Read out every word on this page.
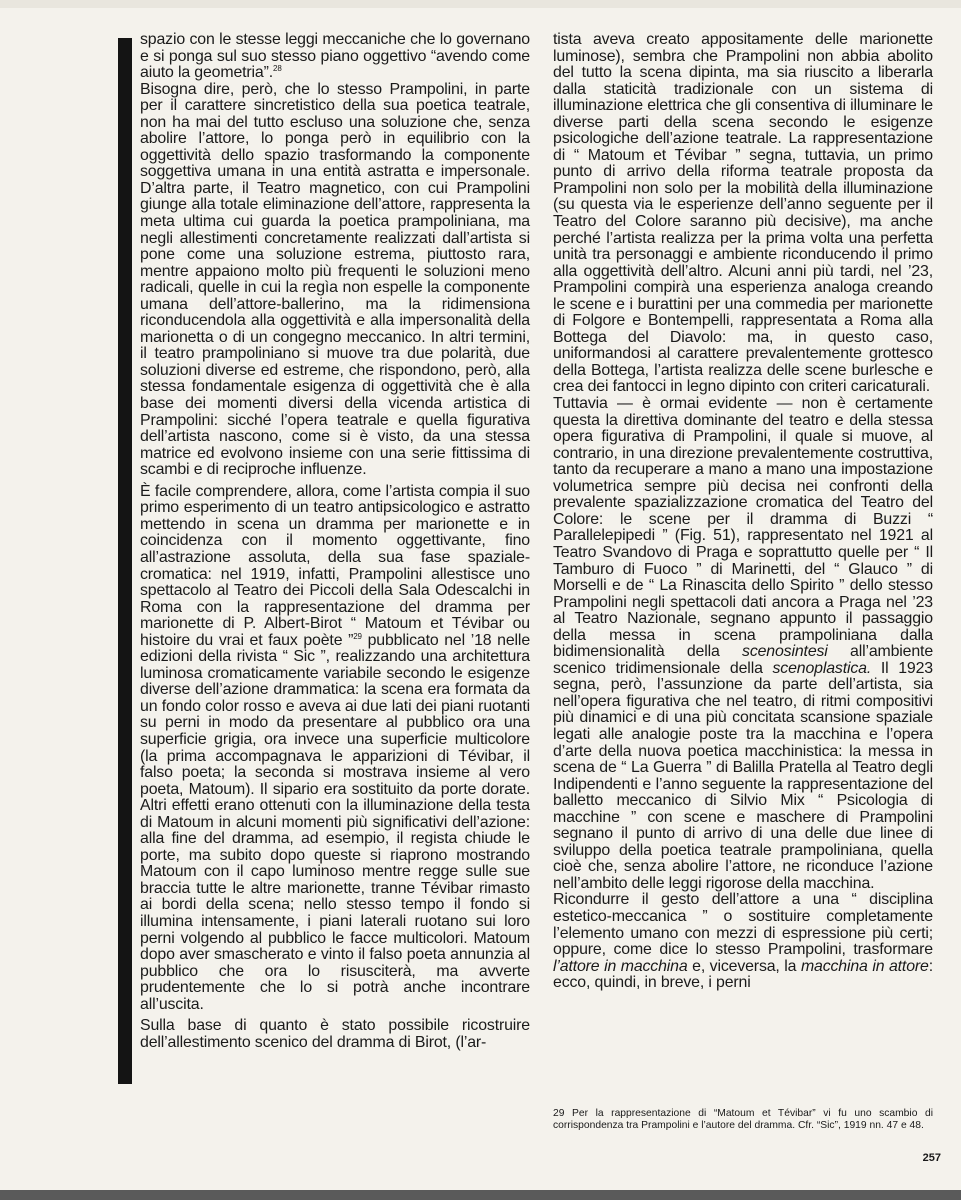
spazio con le stesse leggi meccaniche che lo governano e si ponga sul suo stesso piano oggettivo “avendo come aiuto la geometria”.$^{28}$

Bisogna dire, però, che lo stesso Prampolini, in parte per il carattere sincretistico della sua poetica teatrale, non ha mai del tutto escluso una soluzione che, senza abolire l’attore, lo ponga però in equilibrio con la oggettività dello spazio trasformando la componente soggettiva umana in una entità astratta e impersonale. D’altra parte, il Teatro magnetico, con cui Prampolini giunge alla totale eliminazione dell’attore, rappresenta la meta ultima cui guarda la poetica prampoliniana, ma negli allestimenti concretamente realizzati dall’artista si pone come una soluzione estrema, piuttosto rara, mentre appaiono molto più frequenti le soluzioni meno radicali, quelle in cui la regìa non espelle la componente umana dell’attore-ballerino, ma la ridimensiona riconducendola alla oggettività e alla impersonalità della marionetta o di un congegno meccanico. In altri termini, il teatro prampoliniano si muove tra due polarità, due soluzioni diverse ed estreme, che rispondono, però, alla stessa fondamentale esigenza di oggettività che è alla base dei momenti diversi della vicenda artistica di Prampolini: sicché l’opera teatrale e quella figurativa dell’artista nascono, come si è visto, da una stessa matrice ed evolvono insieme con una serie fittissima di scambi e di reciproche influenze.

È facile comprendere, allora, come l’artista compia il suo primo esperimento di un teatro antipsicologico e astratto mettendo in scena un dramma per marionette e in coincidenza con il momento oggettivante, fino all’astrazione assoluta, della sua fase spaziale-cromatica: nel 1919, infatti, Prampolini allestisce uno spettacolo al Teatro dei Piccoli della Sala Odescalchi in Roma con la rappresentazione del dramma per marionette di P. Albert-Birot “ Matoum et Tévibar ou histoire du vrai et faux poète ”$^{29}$ pubblicato nel ’18 nelle edizioni della rivista “ Sic ”, realizzando una architettura luminosa cromaticamente variabile secondo le esigenze diverse dell’azione drammatica: la scena era formata da un fondo color rosso e aveva ai due lati dei piani ruotanti su perni in modo da presentare al pubblico ora una superficie grigia, ora invece una superficie multicolore (la prima accompagnava le apparizioni di Tévibar, il falso poeta; la seconda si mostrava insieme al vero poeta, Matoum). Il sipario era sostituito da porte dorate. Altri effetti erano ottenuti con la illuminazione della testa di Matoum in alcuni momenti più significativi dell’azione: alla fine del dramma, ad esempio, il regista chiude le porte, ma subito dopo queste si riaprono mostrando Matoum con il capo luminoso mentre regge sulle sue braccia tutte le altre marionette, tranne Tévibar rimasto ai bordi della scena; nello stesso tempo il fondo si illumina intensamente, i piani laterali ruotano sui loro perni volgendo al pubblico le facce multicolori. Matoum dopo aver smascherato e vinto il falso poeta annunzia al pubblico che ora lo risusciterà, ma avverte prudentemente che lo si potrà anche incontrare all’uscita.

Sulla base di quanto è stato possibile ricostruire dell’allestimento scenico del dramma di Birot, (l’ar-

tista aveva creato appositamente delle marionette luminose), sembra che Prampolini non abbia abolito del tutto la scena dipinta, ma sia riuscito a liberarla dalla staticità tradizionale con un sistema di illuminazione elettrica che gli consentiva di illuminare le diverse parti della scena secondo le esigenze psicologiche dell’azione teatrale. La rappresentazione di “ Matoum et Tévibar ” segna, tuttavia, un primo punto di arrivo della riforma teatrale proposta da Prampolini non solo per la mobilità della illuminazione (su questa via le esperienze dell’anno seguente per il Teatro del Colore saranno più decisive), ma anche perché l’artista realizza per la prima volta una perfetta unità tra personaggi e ambiente riconducendo il primo alla oggettività dell’altro. Alcuni anni più tardi, nel ’23, Prampolini compirà una esperienza analoga creando le scene e i burattini per una commedia per marionette di Folgore e Bontempelli, rappresentata a Roma alla Bottega del Diavolo: ma, in questo caso, uniformandosi al carattere prevalentemente grottesco della Bottega, l’artista realizza delle scene burlesche e crea dei fantocci in legno dipinto con criteri caricaturali.

Tuttavia — è ormai evidente — non è certamente questa la direttiva dominante del teatro e della stessa opera figurativa di Prampolini, il quale si muove, al contrario, in una direzione prevalentemente costruttiva, tanto da recuperare a mano a mano una impostazione volumetrica sempre più decisa nei confronti della prevalente spazializzazione cromatica del Teatro del Colore: le scene per il dramma di Buzzi “ Parallelepipedi ” (Fig. 51), rappresentato nel 1921 al Teatro Svandovo di Praga e soprattutto quelle per “ Il Tamburo di Fuoco ” di Marinetti, del “ Glauco ” di Morselli e de “ La Rinascita dello Spirito ” dello stesso Prampolini negli spettacoli dati ancora a Praga nel ’23 al Teatro Nazionale, segnano appunto il passaggio della messa in scena prampoliniana dalla bidimensionalità della scenosintesi all’ambiente scenico tridimensionale della scenoplastica. Il 1923 segna, però, l’assunzione da parte dell’artista, sia nell’opera figurativa che nel teatro, di ritmi compositivi più dinamici e di una più concitata scansione spaziale legati alle analogie poste tra la macchina e l’opera d’arte della nuova poetica macchinistica: la messa in scena de “ La Guerra ” di Balilla Pratella al Teatro degli Indipendenti e l’anno seguente la rappresentazione del balletto meccanico di Silvio Mix “ Psicologia di macchine ” con scene e maschere di Prampolini segnano il punto di arrivo di una delle due linee di sviluppo della poetica teatrale prampoliniana, quella cioè che, senza abolire l’attore, ne riconduce l’azione nell’ambito delle leggi rigorose della macchina.

Ricondurre il gesto dell’attore a una “ disciplina estetico-meccanica ” o sostituire completamente l’elemento umano con mezzi di espressione più certi; oppure, come dice lo stesso Prampolini, trasformare l’attore in macchina e, viceversa, la macchina in attore: ecco, quindi, in breve, i perni

29 Per la rappresentazione di “Matoum et Tévibar” vi fu uno scambio di corrispondenza tra Prampolini e l’autore del dramma. Cfr. “Sic”, 1919 nn. 47 e 48.
257
